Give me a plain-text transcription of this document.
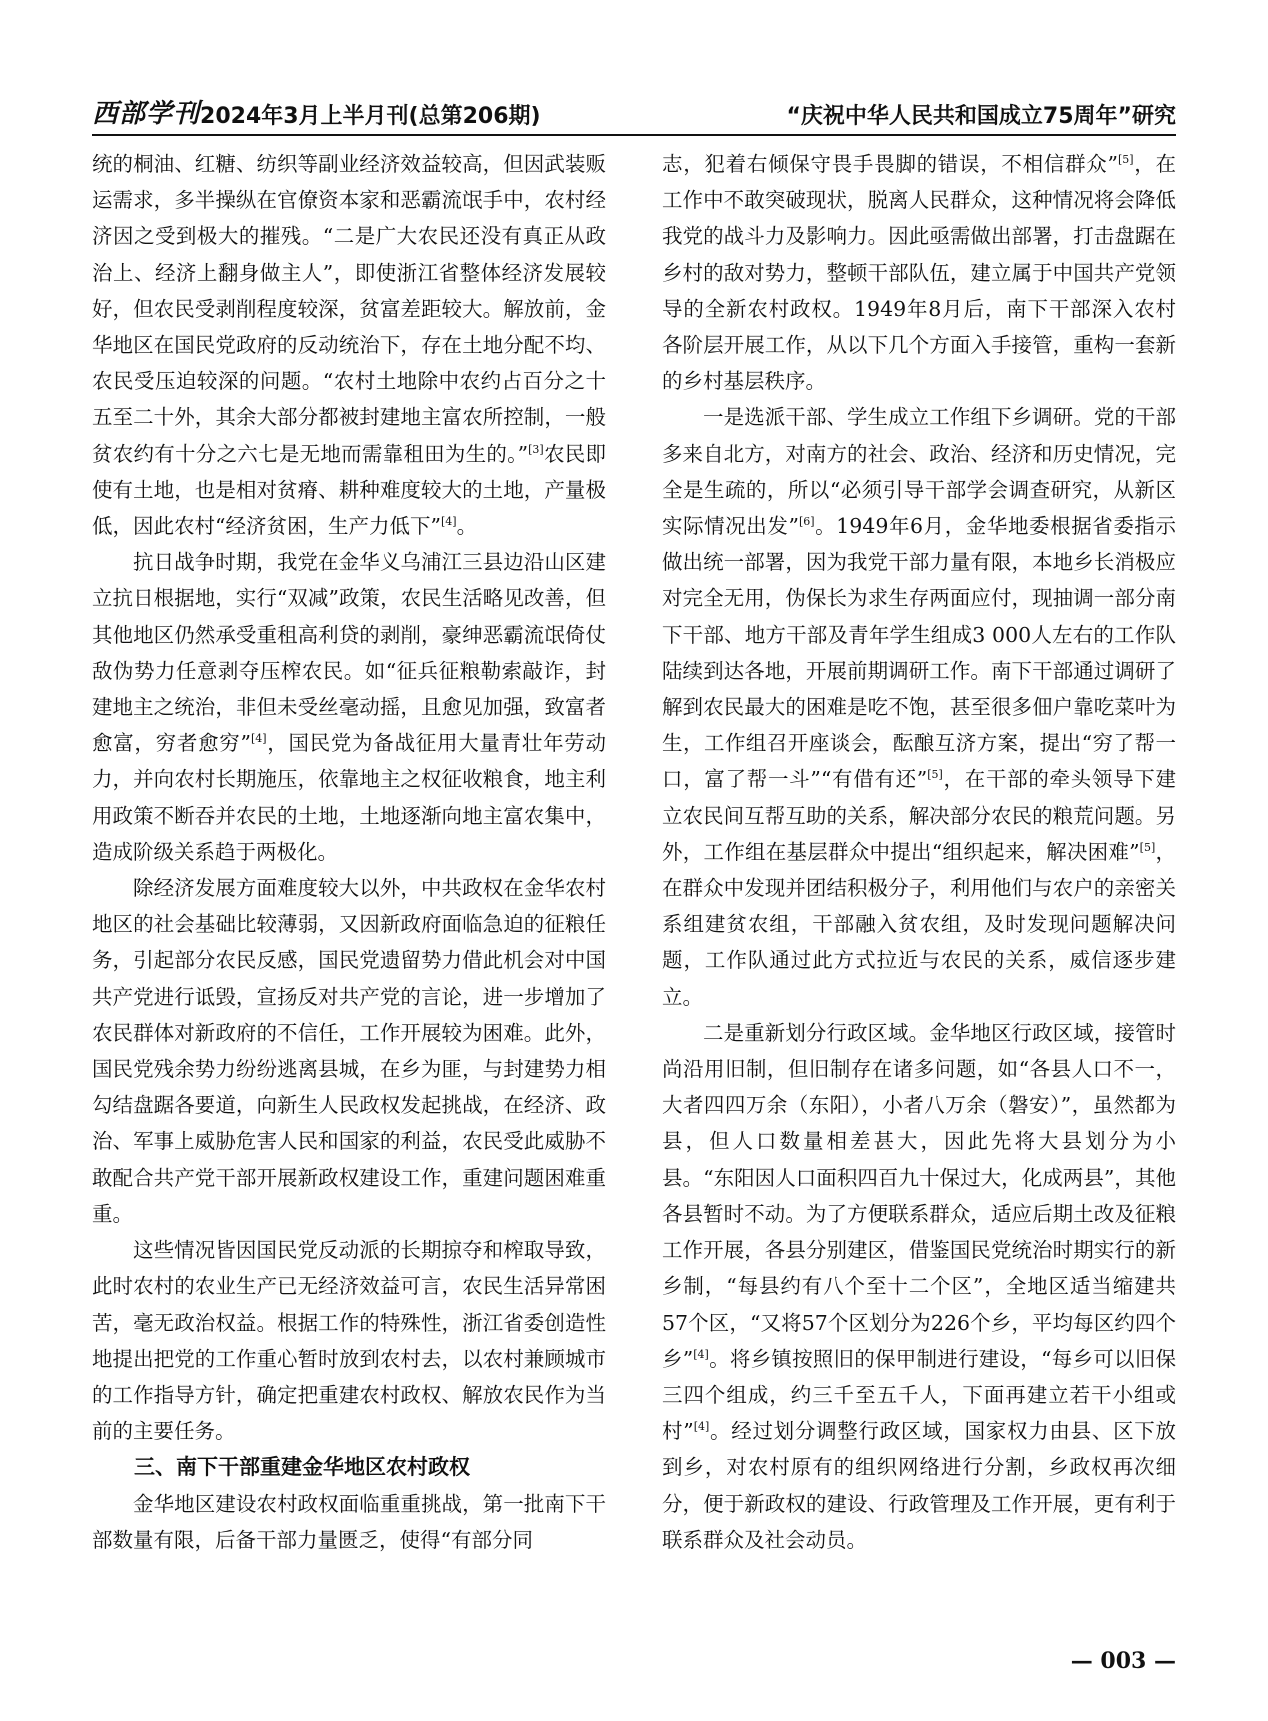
西部学刊 2024年3月上半月刊(总第206期)	“庆祝中华人民共和国成立75周年”研究

统的桐油、红糖、纺织等副业经济效益较高，但因武装贩运需求，多半操纵在官僚资本家和恶霸流氓手中，农村经济因之受到极大的摧残。“二是广大农民还没有真正从政治上、经济上翻身做主人”，即使浙江省整体经济发展较好，但农民受剥削程度较深，贫富差距较大。解放前，金华地区在国民党政府的反动统治下，存在土地分配不均、农民受压迫较深的问题。“农村土地除中农约占百分之十五至二十外，其余大部分都被封建地主富农所控制，一般贫农约有十分之六七是无地而需靠租田为生的。”[3]农民即使有土地，也是相对贫瘠、耕种难度较大的土地，产量极低，因此农村“经济贫困，生产力低下”[4]。

抗日战争时期，我党在金华义乌浦江三县边沿山区建立抗日根据地，实行“双减”政策，农民生活略见改善，但其他地区仍然承受重租高利贷的剥削，豪绅恶霸流氓倚仗敌伪势力任意剥夺压榨农民。如“征兵征粮勒索敲诈，封建地主之统治，非但未受丝毫动摇，且愈见加强，致富者愈富，穷者愈穷”[4]，国民党为备战征用大量青壮年劳动力，并向农村长期施压，依靠地主之权征收粮食，地主利用政策不断吞并农民的土地，土地逐渐向地主富农集中，造成阶级关系趋于两极化。

除经济发展方面难度较大以外，中共政权在金华农村地区的社会基础比较薄弱，又因新政府面临急迫的征粮任务，引起部分农民反感，国民党遗留势力借此机会对中国共产党进行诋毁，宣扬反对共产党的言论，进一步增加了农民群体对新政府的不信任，工作开展较为困难。此外，国民党残余势力纷纷逃离县城，在乡为匪，与封建势力相勾结盘踞各要道，向新生人民政权发起挑战，在经济、政治、军事上威胁危害人民和国家的利益，农民受此威胁不敢配合共产党干部开展新政权建设工作，重建问题困难重重。

这些情况皆因国民党反动派的长期掠夺和榨取导致，此时农村的农业生产已无经济效益可言，农民生活异常困苦，毫无政治权益。根据工作的特殊性，浙江省委创造性地提出把党的工作重心暂时放到农村去，以农村兼顾城市的工作指导方针，确定把重建农村政权、解放农民作为当前的主要任务。

三、南下干部重建金华地区农村政权

金华地区建设农村政权面临重重挑战，第一批南下干部数量有限，后备干部力量匮乏，使得“有部分同

志，犯着右倾保守畏手畏脚的错误，不相信群众”[5]，在工作中不敢突破现状，脱离人民群众，这种情况将会降低我党的战斗力及影响力。因此亟需做出部署，打击盘踞在乡村的敌对势力，整顿干部队伍，建立属于中国共产党领导的全新农村政权。1949年8月后，南下干部深入农村各阶层开展工作，从以下几个方面入手接管，重构一套新的乡村基层秩序。

一是选派干部、学生成立工作组下乡调研。党的干部多来自北方，对南方的社会、政治、经济和历史情况，完全是生疏的，所以“必须引导干部学会调查研究，从新区实际情况出发”[6]。1949年6月，金华地委根据省委指示做出统一部署，因为我党干部力量有限，本地乡长消极应对完全无用，伪保长为求生存两面应付，现抽调一部分南下干部、地方干部及青年学生组成3 000人左右的工作队陆续到达各地，开展前期调研工作。南下干部通过调研了解到农民最大的困难是吃不饱，甚至很多佃户靠吃菜叶为生，工作组召开座谈会，酝酿互济方案，提出“穷了帮一口，富了帮一斗”“有借有还”[5]，在干部的牵头领导下建立农民间互帮互助的关系，解决部分农民的粮荒问题。另外，工作组在基层群众中提出“组织起来，解决困难”[5]，在群众中发现并团结积极分子，利用他们与农户的亲密关系组建贫农组，干部融入贫农组，及时发现问题解决问题，工作队通过此方式拉近与农民的关系，威信逐步建立。

二是重新划分行政区域。金华地区行政区域，接管时尚沿用旧制，但旧制存在诸多问题，如“各县人口不一，大者四四万余（东阳），小者八万余（磐安）”，虽然都为县，但人口数量相差甚大，因此先将大县划分为小县。“东阳因人口面积四百九十保过大，化成两县”，其他各县暂时不动。为了方便联系群众，适应后期土改及征粮工作开展，各县分别建区，借鉴国民党统治时期实行的新乡制，“每县约有八个至十二个区”，全地区适当缩建共57个区，“又将57个区划分为226个乡，平均每区约四个乡”[4]。将乡镇按照旧的保甲制进行建设，“每乡可以旧保三四个组成，约三千至五千人，下面再建立若干小组或村”[4]。经过划分调整行政区域，国家权力由县、区下放到乡，对农村原有的组织网络进行分割，乡政权再次细分，便于新政权的建设、行政管理及工作开展，更有利于联系群众及社会动员。

— 003 —
